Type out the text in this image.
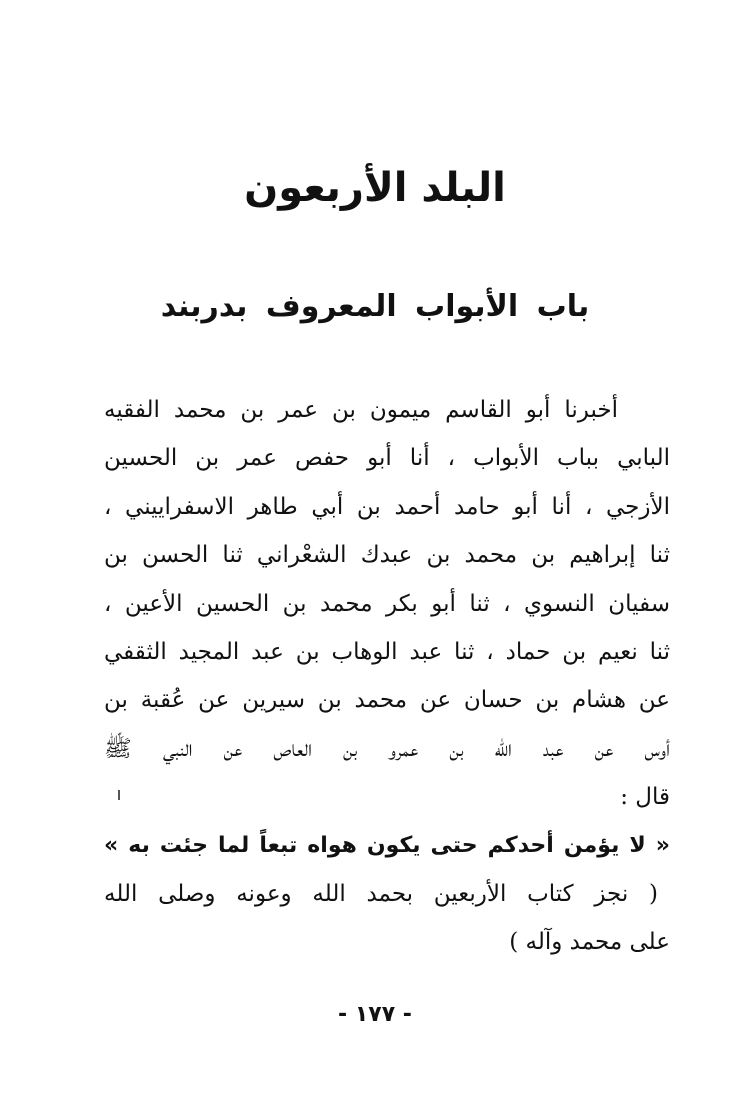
البلد الأربعون
باب الأبواب المعروف بدربند
أخبرنا أبو القاسم ميمون بن عمر بن محمد الفقيه
البابي بباب الأبواب ، أنا أبو حفص عمر بن الحسين
الأزجي ، أنا أبو حامد أحمد بن أبي طاهر الاسفراييني ،
ثنا إبراهيم بن محمد بن عبدك الشعْراني ثنا الحسن بن
سفيان النسوي ، ثنا أبو بكر محمد بن الحسين الأعين ،
ثنا نعيم بن حماد ، ثنا عبد الوهاب بن عبد المجيد الثقفي
عن هشام بن حسان عن محمد بن سيرين عن عُقبة بن
أوس عن عبد الله بن عمرو بن العاص عن النبي ﷺ
قال :
« لا يؤمن أحدكم حتى يكون هواه تبعاً لما جئت به »
( نجز كتاب الأربعين بحمد الله وعونه وصلى الله
على محمد وآله )
- ١٧٧ -
